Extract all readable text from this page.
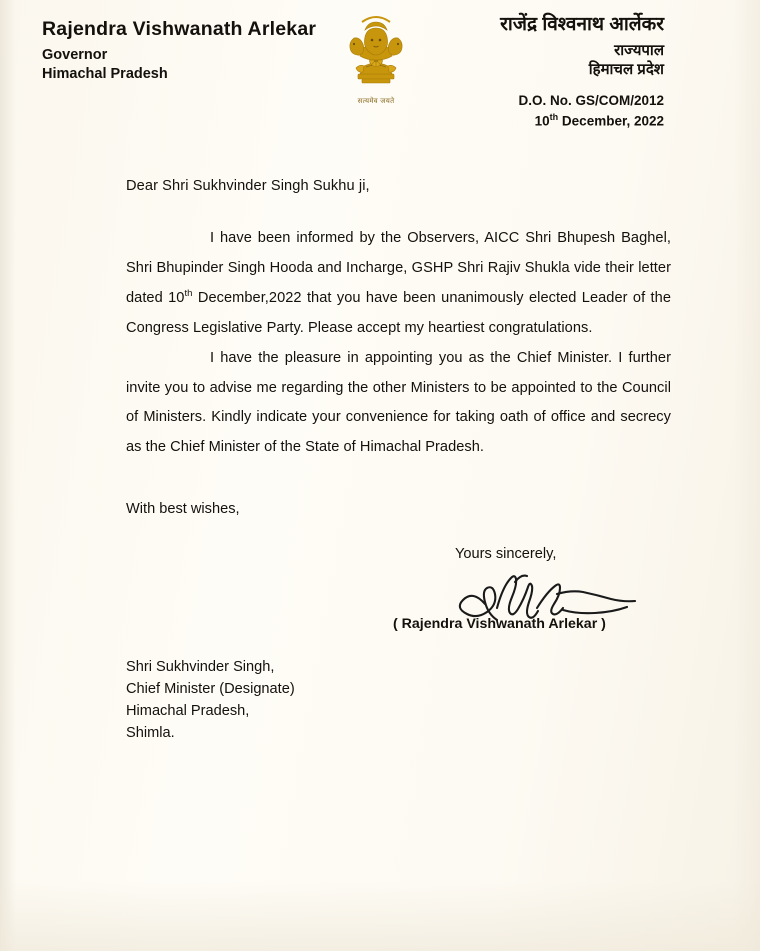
Rajendra Vishwanath Arlekar
Governor
Himachal Pradesh
सत्यमेव जयते
राजेंद्र विश्वनाथ आर्लेकर
राज्यपाल
हिमाचल प्रदेश
D.O. No. GS/COM/2012
10th December, 2022
Dear Shri Sukhvinder Singh Sukhu ji,

I have been informed by the Observers, AICC Shri Bhupesh Baghel, Shri Bhupinder Singh Hooda and Incharge, GSHP Shri Rajiv Shukla vide their letter dated 10th December,2022 that you have been unanimously elected Leader of the Congress Legislative Party. Please accept my heartiest congratulations.

I have the pleasure in appointing you as the Chief Minister. I further invite you to advise me regarding the other Ministers to be appointed to the Council of Ministers. Kindly indicate your convenience for taking oath of office and secrecy as the Chief Minister of the State of Himachal Pradesh.

With best wishes,
Yours sincerely,
( Rajendra Vishwanath Arlekar )
Shri Sukhvinder Singh,
Chief Minister (Designate)
Himachal Pradesh,
Shimla.
